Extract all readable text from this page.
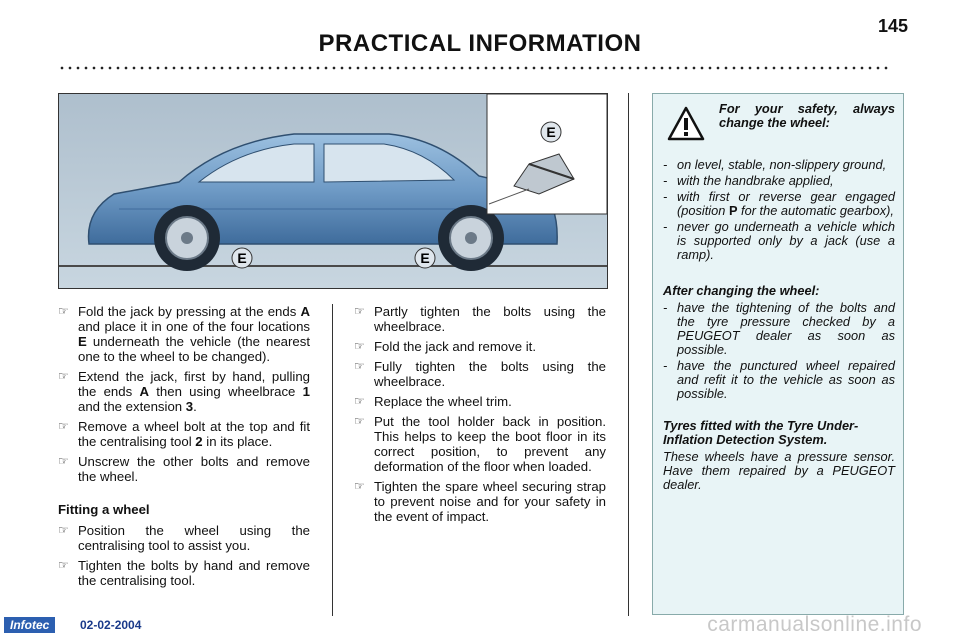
145
PRACTICAL INFORMATION
E
E	E
☞ Fold the jack by pressing at the ends A and place it in one of the four locations E underneath the vehicle (the nearest one to the wheel to be changed).
☞ Extend the jack, first by hand, pulling the ends A then using wheelbrace 1 and the extension 3.
☞ Remove a wheel bolt at the top and fit the centralising tool 2 in its place.
☞ Unscrew the other bolts and remove the wheel.
Fitting a wheel
☞ Position the wheel using the centralising tool to assist you.
☞ Tighten the bolts by hand and remove the centralising tool.
☞ Partly tighten the bolts using the wheelbrace.
☞ Fold the jack and remove it.
☞ Fully tighten the bolts using the wheelbrace.
☞ Replace the wheel trim.
☞ Put the tool holder back in position. This helps to keep the boot floor in its correct position, to prevent any deformation of the floor when loaded.
☞ Tighten the spare wheel securing strap to prevent noise and for your safety in the event of impact.
For your safety, always change the wheel:
- on level, stable, non-slippery ground,
- with the handbrake applied,
- with first or reverse gear engaged (position P for the automatic gearbox),
- never go underneath a vehicle which is supported only by a jack (use a ramp).
After changing the wheel:
- have the tightening of the bolts and the tyre pressure checked by a PEUGEOT dealer as soon as possible.
- have the punctured wheel repaired and refit it to the vehicle as soon as possible.
Tyres fitted with the Tyre Under-Inflation Detection System.

These wheels have a pressure sensor. Have them repaired by a PEUGEOT dealer.

Infotec	02-02-2004	carmanualsonline.info
